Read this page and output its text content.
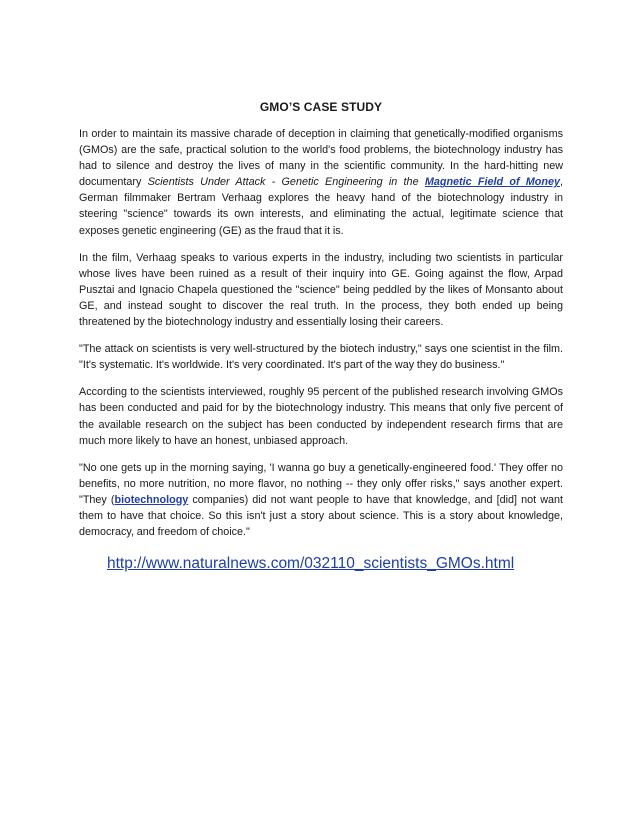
GMO’S CASE STUDY

In order to maintain its massive charade of deception in claiming that genetically-modified organisms (GMOs) are the safe, practical solution to the world's food problems, the biotechnology industry has had to silence and destroy the lives of many in the scientific community. In the hard-hitting new documentary Scientists Under Attack - Genetic Engineering in the Magnetic Field of Money, German filmmaker Bertram Verhaag explores the heavy hand of the biotechnology industry in steering "science" towards its own interests, and eliminating the actual, legitimate science that exposes genetic engineering (GE) as the fraud that it is.

In the film, Verhaag speaks to various experts in the industry, including two scientists in particular whose lives have been ruined as a result of their inquiry into GE. Going against the flow, Arpad Pusztai and Ignacio Chapela questioned the "science" being peddled by the likes of Monsanto about GE, and instead sought to discover the real truth. In the process, they both ended up being threatened by the biotechnology industry and essentially losing their careers.

"The attack on scientists is very well-structured by the biotech industry," says one scientist in the film. "It's systematic. It's worldwide. It's very coordinated. It's part of the way they do business."

According to the scientists interviewed, roughly 95 percent of the published research involving GMOs has been conducted and paid for by the biotechnology industry. This means that only five percent of the available research on the subject has been conducted by independent research firms that are much more likely to have an honest, unbiased approach.

"No one gets up in the morning saying, 'I wanna go buy a genetically-engineered food.' They offer no benefits, no more nutrition, no more flavor, no nothing -- they only offer risks," says another expert. "They (biotechnology companies) did not want people to have that knowledge, and [did] not want them to have that choice. So this isn't just a story about science. This is a story about knowledge, democracy, and freedom of choice."

http://www.naturalnews.com/032110_scientists_GMOs.html
